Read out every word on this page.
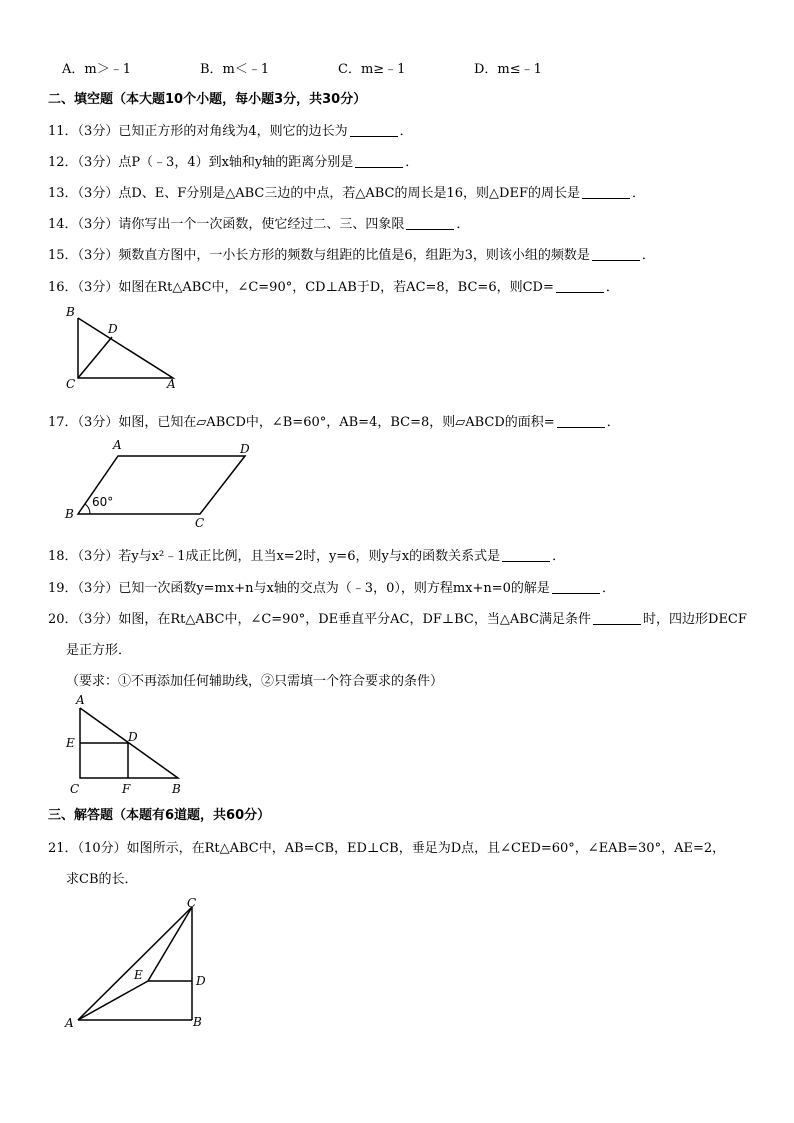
A．m＞﹣1	B．m＜﹣1	C．m≥﹣1	D．m≤﹣1
二、填空题（本大题10个小题，每小题3分，共30分）
11．（3分）已知正方形的对角线为4，则它的边长为	．
12．（3分）点P（﹣3，4）到x轴和y轴的距离分别是	．
13．（3分）点D、E、F分别是△ABC三边的中点，若△ABC的周长是16，则△DEF的周长是	．
14．（3分）请你写出一个一次函数，使它经过二、三、四象限	．
15．（3分）频数直方图中，一小长方形的频数与组距的比值是6，组距为3，则该小组的频数是	．
16．（3分）如图在Rt△ABC中，∠C=90°，CD⊥AB于D，若AC=8，BC=6，则CD=	．
B
D
C	A
17．（3分）如图，已知在▱ABCD中，∠B=60°，AB=4，BC=8，则▱ABCD的面积=	．
A	D
B
C
60°
18．（3分）若y与x²﹣1成正比例，且当x=2时，y=6，则y与x的函数关系式是	．
19．（3分）已知一次函数y=mx+n与x轴的交点为（﹣3，0），则方程mx+n=0的解是	．
20．（3分）如图，在Rt△ABC中，∠C=90°，DE垂直平分AC，DF⊥BC，当△ABC满足条件	时，四边形DECF
是正方形．
（要求：①不再添加任何辅助线，②只需填一个符合要求的条件）
A
E	D
C	F	B
三、解答题（本题有6道题，共60分）
21．（10分）如图所示，在Rt△ABC中，AB=CB，ED⊥CB，垂足为D点，且∠CED=60°，∠EAB=30°，AE=2，
求CB的长．
C
E	D
A	B
